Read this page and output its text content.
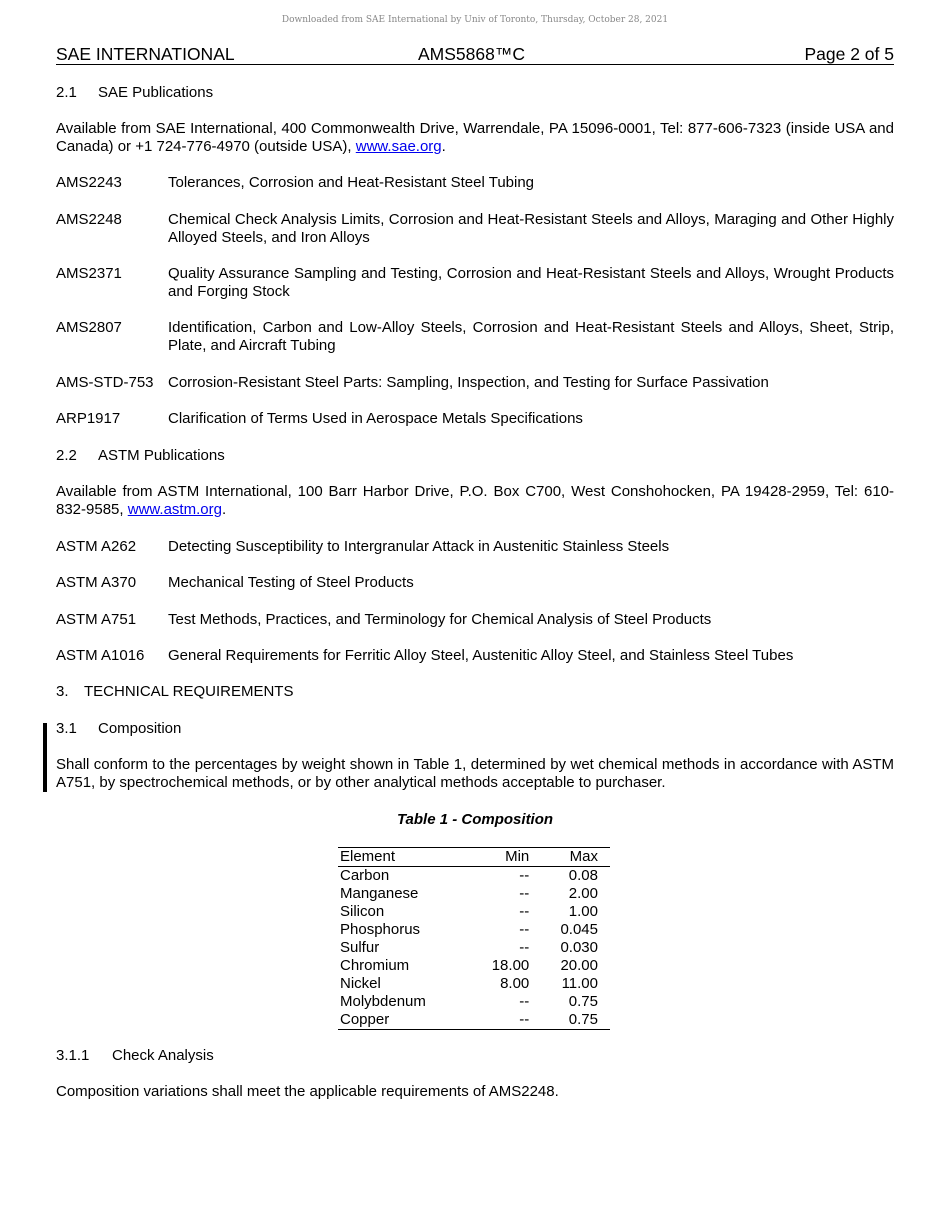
Downloaded from SAE International by Univ of Toronto, Thursday, October 28, 2021
SAE INTERNATIONAL	AMS5868™C	Page 2 of 5
2.1 SAE Publications
Available from SAE International, 400 Commonwealth Drive, Warrendale, PA 15096-0001, Tel: 877-606-7323 (inside USA and Canada) or +1 724-776-4970 (outside USA), www.sae.org.
AMS2243	Tolerances, Corrosion and Heat-Resistant Steel Tubing
AMS2248	Chemical Check Analysis Limits, Corrosion and Heat-Resistant Steels and Alloys, Maraging and Other Highly Alloyed Steels, and Iron Alloys
AMS2371	Quality Assurance Sampling and Testing, Corrosion and Heat-Resistant Steels and Alloys, Wrought Products and Forging Stock
AMS2807	Identification, Carbon and Low-Alloy Steels, Corrosion and Heat-Resistant Steels and Alloys, Sheet, Strip, Plate, and Aircraft Tubing
AMS-STD-753 Corrosion-Resistant Steel Parts: Sampling, Inspection, and Testing for Surface Passivation
ARP1917	Clarification of Terms Used in Aerospace Metals Specifications
2.2 ASTM Publications
Available from ASTM International, 100 Barr Harbor Drive, P.O. Box C700, West Conshohocken, PA 19428-2959, Tel: 610-832-9585, www.astm.org.
ASTM A262 Detecting Susceptibility to Intergranular Attack in Austenitic Stainless Steels
ASTM A370 Mechanical Testing of Steel Products
ASTM A751 Test Methods, Practices, and Terminology for Chemical Analysis of Steel Products
ASTM A1016 General Requirements for Ferritic Alloy Steel, Austenitic Alloy Steel, and Stainless Steel Tubes
3. TECHNICAL REQUIREMENTS
3.1 Composition
Shall conform to the percentages by weight shown in Table 1, determined by wet chemical methods in accordance with ASTM A751, by spectrochemical methods, or by other analytical methods acceptable to purchaser.
Table 1 - Composition
Element	Min	Max
Carbon	--	0.08
Manganese	--	2.00
Silicon	--	1.00
Phosphorus	--	0.045
Sulfur	--	0.030
Chromium	18.00	20.00
Nickel	8.00	11.00
Molybdenum	--	0.75
Copper	--	0.75
3.1.1 Check Analysis
Composition variations shall meet the applicable requirements of AMS2248.
